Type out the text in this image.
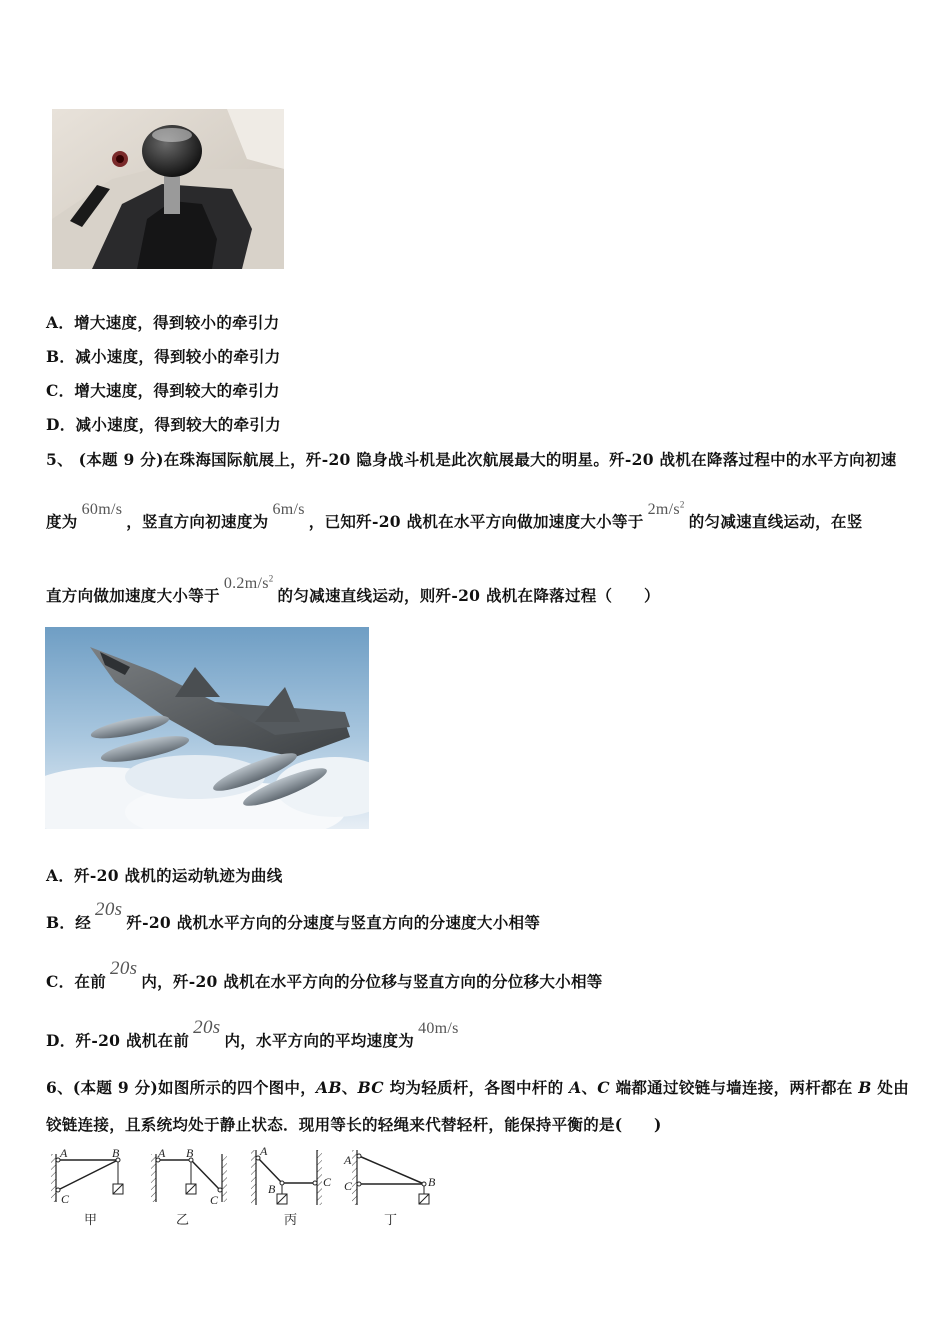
A．增大速度，得到较小的牵引力
B．减小速度，得到较小的牵引力
C．增大速度，得到较大的牵引力
D．减小速度，得到较大的牵引力
5、 (本题 9 分)在珠海国际航展上，歼-20 隐身战斗机是此次航展最大的明星。歼-20 战机在降落过程中的水平方向初速
度为60m/s，竖直方向初速度为6m/s，已知歼-20 战机在水平方向做加速度大小等于$2m/s^2$的匀减速直线运动，在竖
直方向做加速度大小等于$0.2m/s^2$的匀减速直线运动，则歼-20 战机在降落过程（　　）
A．歼-20 战机的运动轨迹为曲线
B．经20s歼-20 战机水平方向的分速度与竖直方向的分速度大小相等
C．在前20s内，歼-20 战机在水平方向的分位移与竖直方向的分位移大小相等
D．歼-20 战机在前20s内，水平方向的平均速度为40m/s
6、(本题 9 分)如图所示的四个图中，AB、BC 均为轻质杆，各图中杆的 A、C 端都通过铰链与墙连接，两杆都在 B 处由
铰链连接，且系统均处于静止状态．现用等长的轻绳来代替轻杆，能保持平衡的是(　　)
A	B
C
A B
C
A
B	C
A
C	B
甲	乙	丙	丁
